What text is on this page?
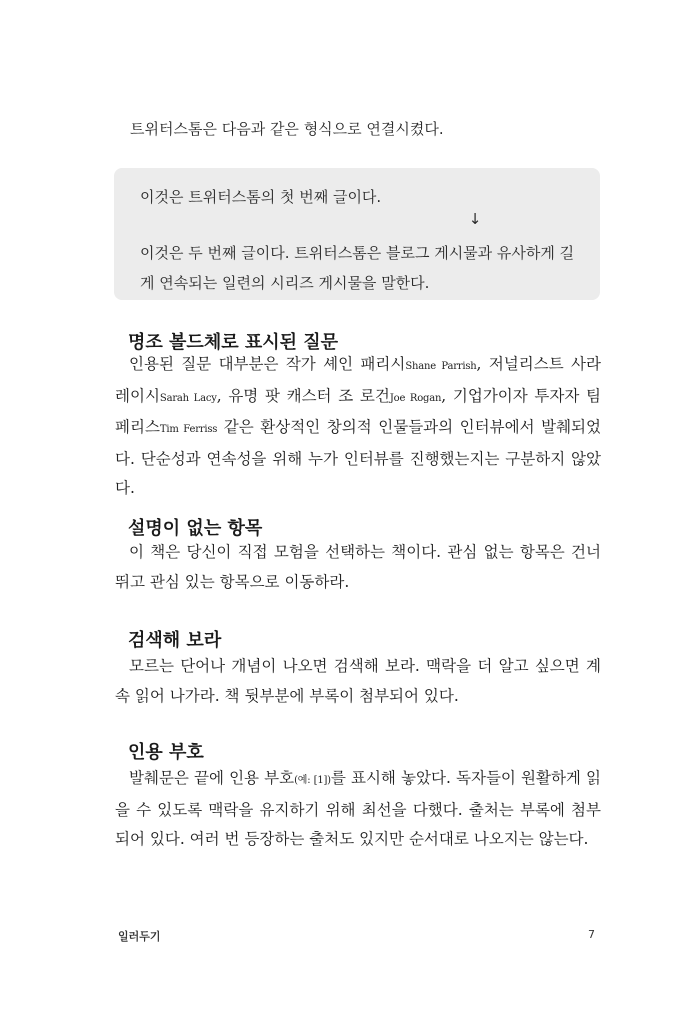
트위터스톰은 다음과 같은 형식으로 연결시켰다.
이것은 트위터스톰의 첫 번째 글이다.
↓
이것은 두 번째 글이다. 트위터스톰은 블로그 게시물과 유사하게 길게 연속되는 일련의 시리즈 게시물을 말한다.
명조 볼드체로 표시된 질문

인용된 질문 대부분은 작가 셰인 패리시Shane Parrish, 저널리스트 사라 레이시Sarah Lacy, 유명 팟 캐스터 조 로건Joe Rogan, 기업가이자 투자자 팀 페리스Tim Ferriss 같은 환상적인 창의적 인물들과의 인터뷰에서 발췌되었다. 단순성과 연속성을 위해 누가 인터뷰를 진행했는지는 구분하지 않았다.

설명이 없는 항목

이 책은 당신이 직접 모험을 선택하는 책이다. 관심 없는 항목은 건너뛰고 관심 있는 항목으로 이동하라.

검색해 보라

모르는 단어나 개념이 나오면 검색해 보라. 맥락을 더 알고 싶으면 계속 읽어 나가라. 책 뒷부분에 부록이 첨부되어 있다.

인용 부호

발췌문은 끝에 인용 부호(예: [1])를 표시해 놓았다. 독자들이 원활하게 읽을 수 있도록 맥락을 유지하기 위해 최선을 다했다. 출처는 부록에 첨부되어 있다. 여러 번 등장하는 출처도 있지만 순서대로 나오지는 않는다.

일러두기	7
